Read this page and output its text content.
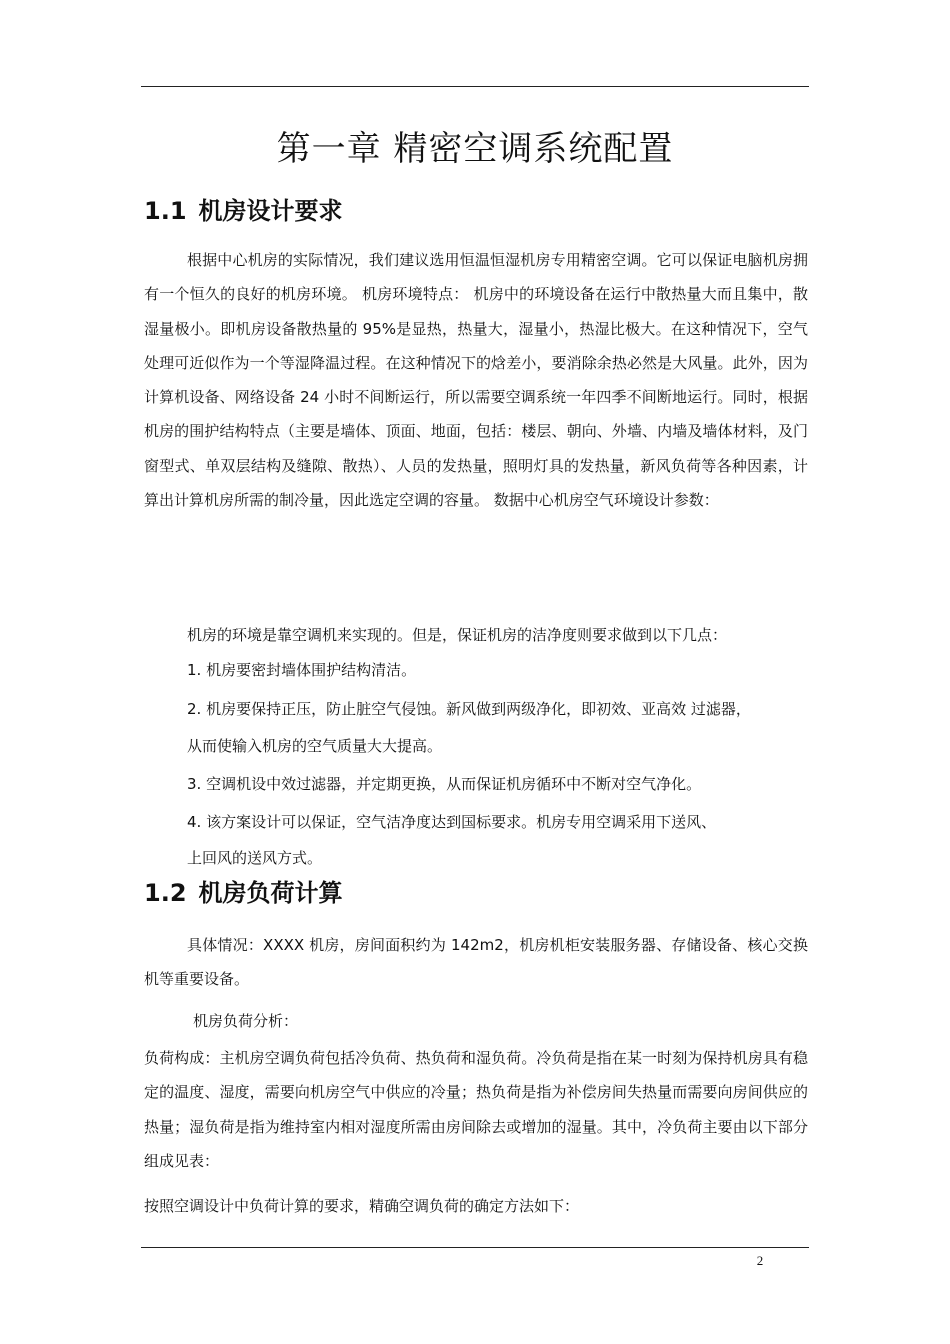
第一章 精密空调系统配置
1.1 机房设计要求

根据中心机房的实际情况，我们建议选用恒温恒湿机房专用精密空调。它可以保证电脑机房拥有一个恒久的良好的机房环境。 机房环境特点： 机房中的环境设备在运行中散热量大而且集中，散湿量极小。即机房设备散热量的 95%是显热，热量大，湿量小，热湿比极大。在这种情况下，空气处理可近似作为一个等湿降温过程。在这种情况下的焓差小，要消除余热必然是大风量。此外，因为计算机设备、网络设备 24 小时不间断运行，所以需要空调系统一年四季不间断地运行。同时，根据机房的围护结构特点（主要是墙体、顶面、地面，包括：楼层、朝向、外墙、内墙及墙体材料，及门窗型式、单双层结构及缝隙、散热）、人员的发热量，照明灯具的发热量，新风负荷等各种因素，计算出计算机房所需的制冷量，因此选定空调的容量。 数据中心机房空气环境设计参数：

机房的环境是靠空调机来实现的。但是，保证机房的洁净度则要求做到以下几点：

1. 机房要密封墙体围护结构清洁。

2. 机房要保持正压，防止脏空气侵蚀。新风做到两级净化，即初效、亚高效 过滤器，

从而使输入机房的空气质量大大提高。

3. 空调机设中效过滤器，并定期更换，从而保证机房循环中不断对空气净化。

4. 该方案设计可以保证，空气洁净度达到国标要求。机房专用空调采用下送风、

上回风的送风方式。

1.2 机房负荷计算

具体情况：XXXX 机房，房间面积约为 142m2，机房机柜安装服务器、存储设备、核心交换机等重要设备。

机房负荷分析：

负荷构成：主机房空调负荷包括冷负荷、热负荷和湿负荷。冷负荷是指在某一时刻为保持机房具有稳定的温度、湿度，需要向机房空气中供应的冷量；热负荷是指为补偿房间失热量而需要向房间供应的热量；湿负荷是指为维持室内相对湿度所需由房间除去或增加的湿量。其中，冷负荷主要由以下部分组成见表：

按照空调设计中负荷计算的要求，精确空调负荷的确定方法如下：

2
